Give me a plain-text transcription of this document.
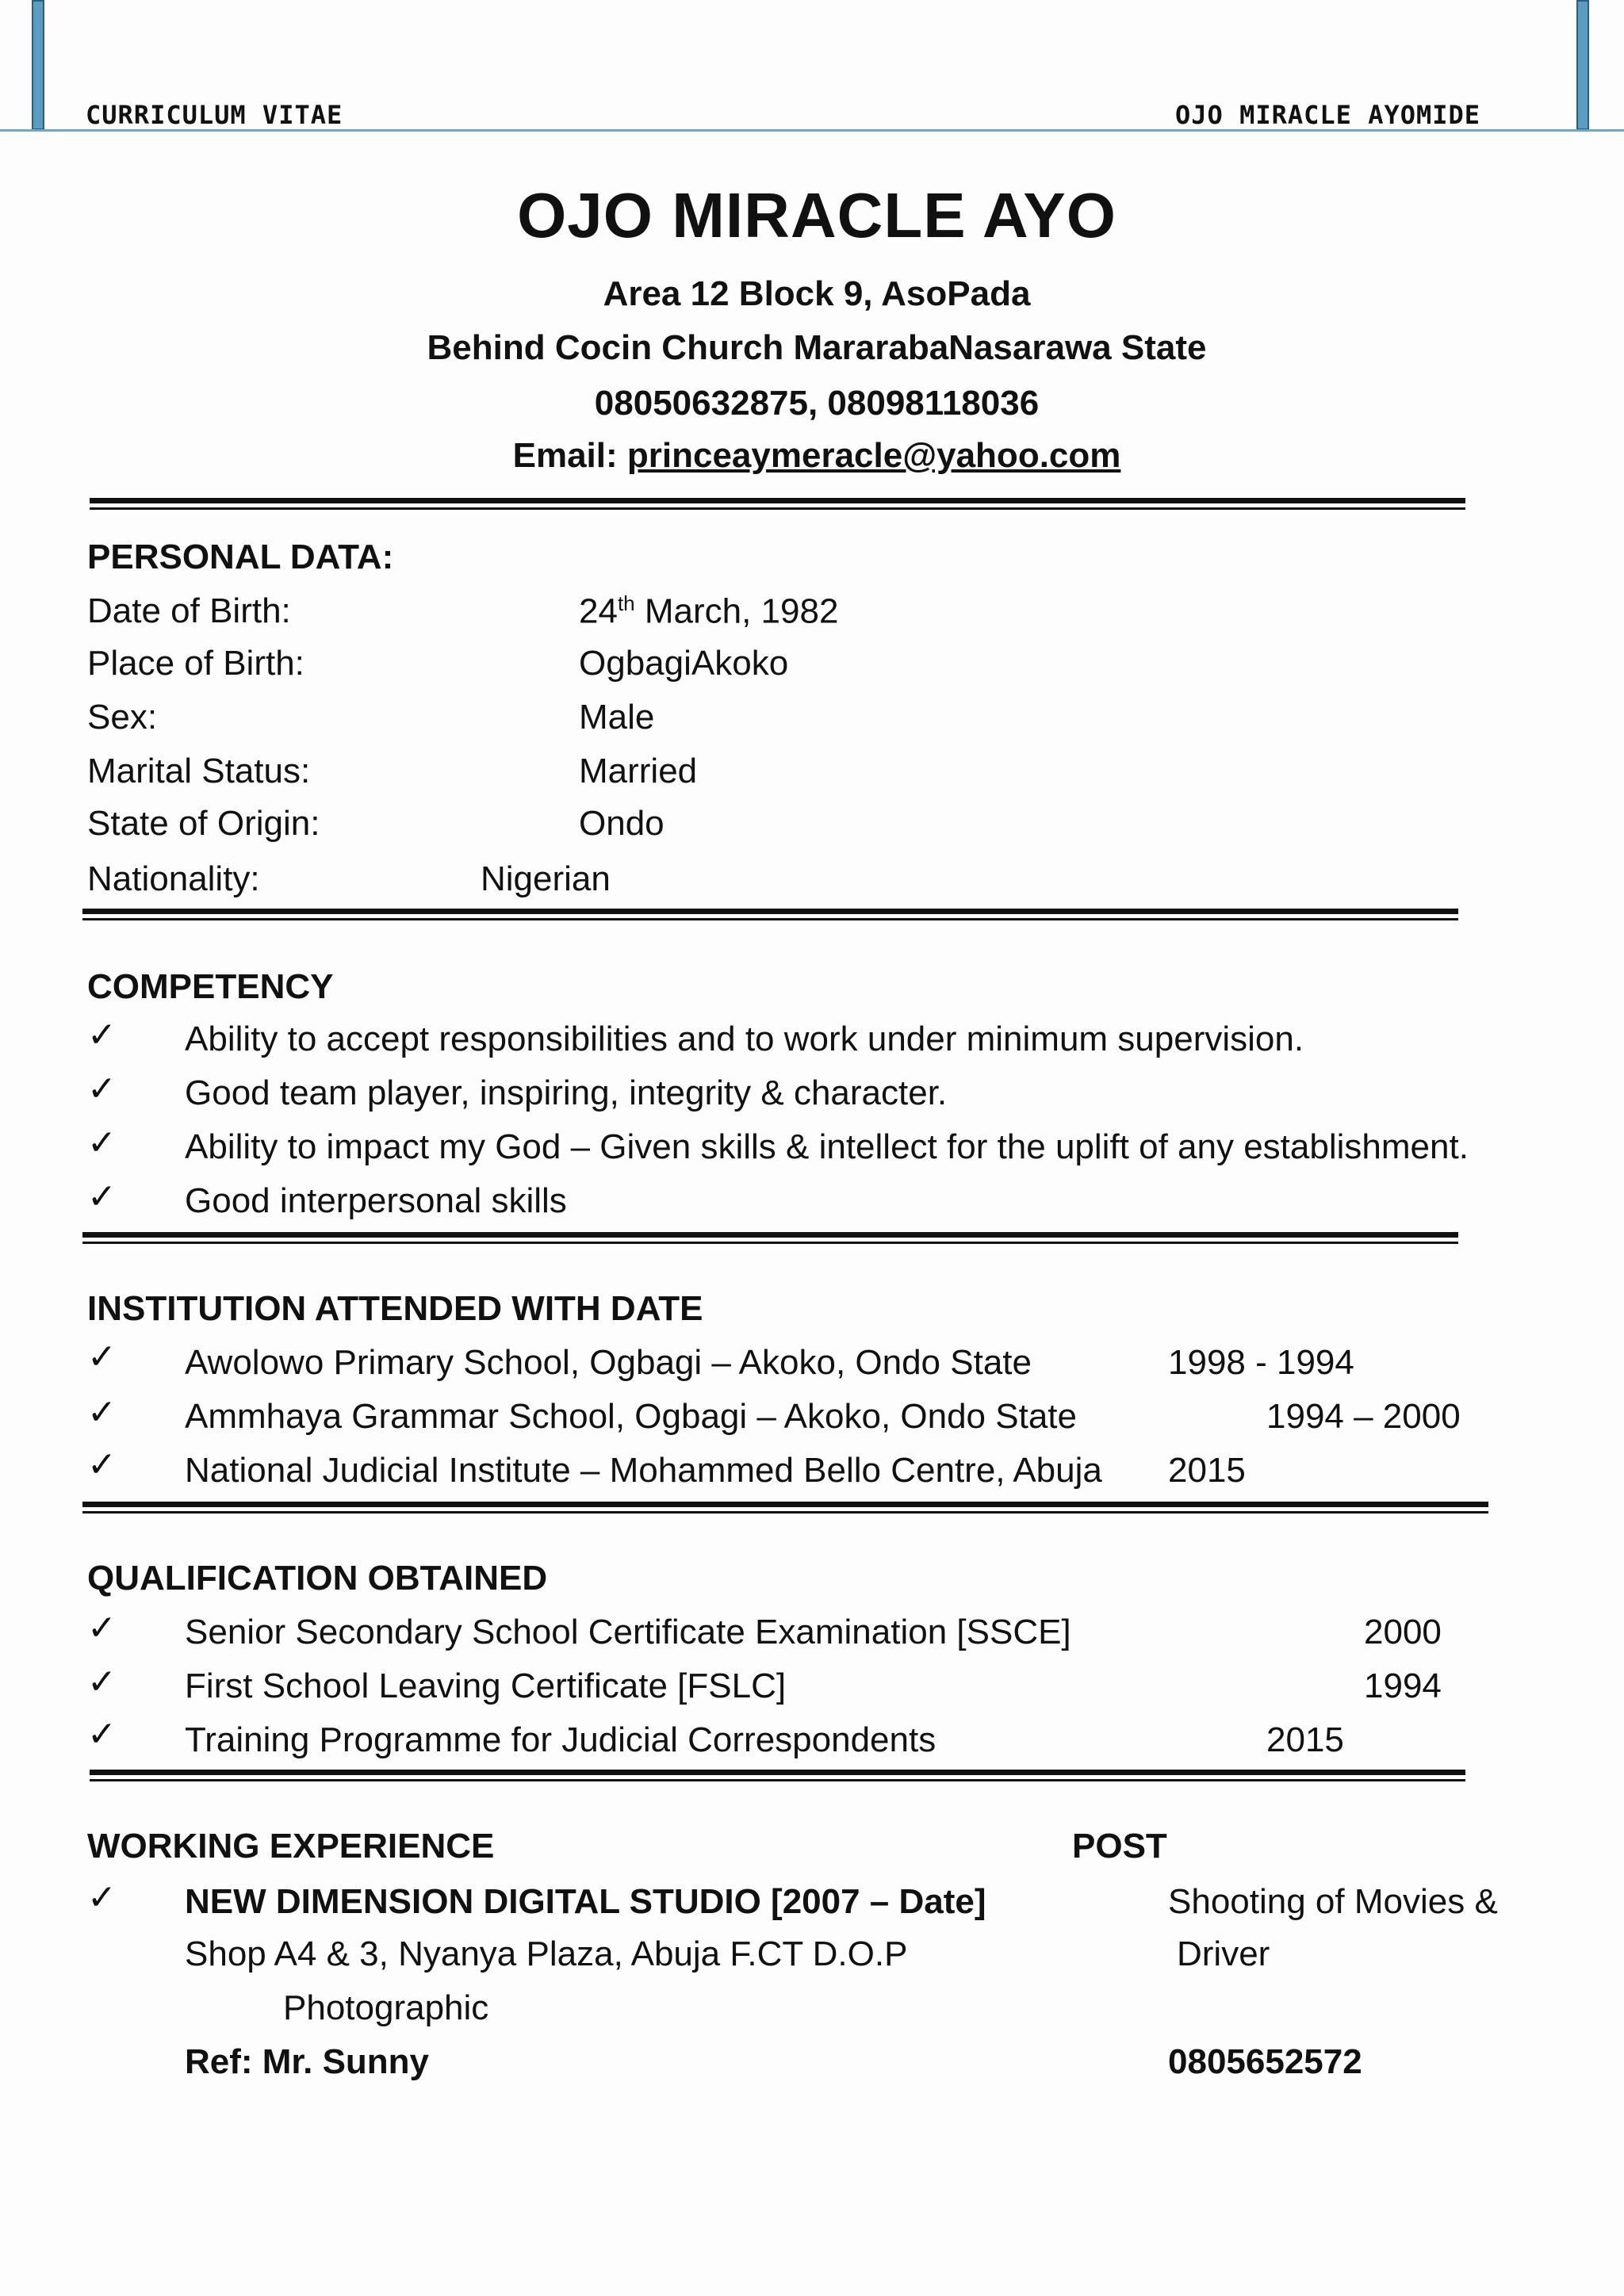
CURRICULUM VITAE	OJO MIRACLE AYOMIDE
OJO MIRACLE AYO
Area 12 Block 9, AsoPada
Behind Cocin Church MararabaNasarawa State
08050632875, 08098118036
Email: princeaymeracle@yahoo.com
PERSONAL DATA:
Date of Birth:	24th March, 1982
Place of Birth:	OgbagiAkoko
Sex:	Male
Marital Status:	Married
State of Origin:	Ondo
Nationality:	Nigerian
COMPETENCY
✓ Ability to accept responsibilities and to work under minimum supervision.
✓ Good team player, inspiring, integrity & character.
✓ Ability to impact my God – Given skills & intellect for the uplift of any establishment.
✓ Good interpersonal skills
INSTITUTION ATTENDED WITH DATE
✓ Awolowo Primary School, Ogbagi – Akoko, Ondo State	1998 - 1994
✓ Ammhaya Grammar School, Ogbagi – Akoko, Ondo State	1994 – 2000
✓ National Judicial Institute – Mohammed Bello Centre, Abuja 2015
QUALIFICATION OBTAINED
✓ Senior Secondary School Certificate Examination [SSCE]	2000
✓ First School Leaving Certificate [FSLC]	1994
✓ Training Programme for Judicial Correspondents	2015
WORKING EXPERIENCE	POST
✓ NEW DIMENSION DIGITAL STUDIO [2007 – Date]	Shooting of Movies &
Shop A4 & 3, Nyanya Plaza, Abuja F.CT D.O.P	Driver
Photographic
Ref: Mr. Sunny	0805652572
